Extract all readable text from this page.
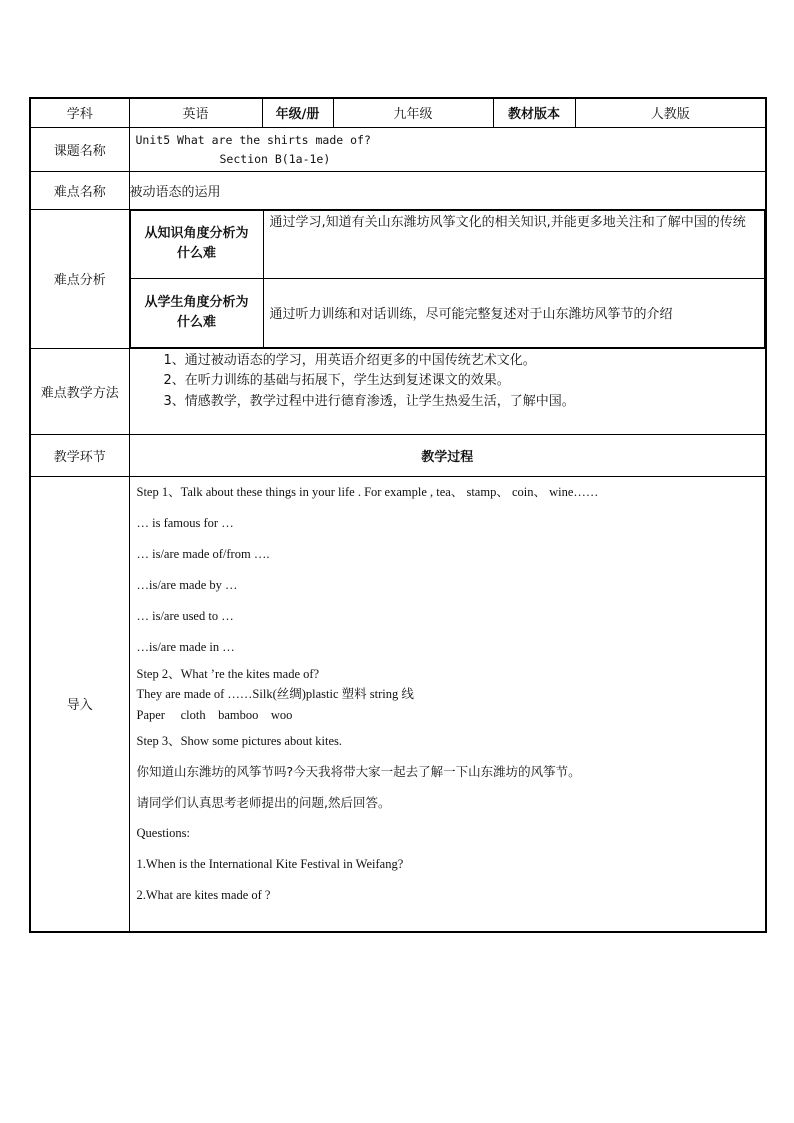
学科	英语	年级/册	九年级	教材版本	人教版
课题名称	
Unit5 What are the shirts made of?
Section B(1a-1e)

难点名称	被动语态的运用
难点分析	
从知识角度分析为什么难	通过学习,知道有关山东潍坊风筝文化的相关知识,并能更多地关注和了解中国的传统
从学生角度分析为什么难	通过听力训练和对话训练，尽可能完整复述对于山东潍坊风筝节的介绍

难点教学方法	
1、通过被动语态的学习，用英语介绍更多的中国传统艺术文化。
2、在听力训练的基础与拓展下，学生达到复述课文的效果。
3、情感教学，教学过程中进行德育渗透，让学生热爱生活，了解中国。

教学环节	教学过程
导入	

Step 1、Talk about these things in your life . For example , tea、 stamp、 coin、 wine……

… is famous for …

… is/are made of/from ….

…is/are made by …

… is/are used to …

…is/are made in …

Step 2、What ’re the kites made of?

They are made of ……Silk(丝绸)plastic 塑料 string 线

Paper     cloth    bamboo    woo

Step 3、Show some pictures about kites.

你知道山东潍坊的风筝节吗?今天我将带大家一起去了解一下山东潍坊的风筝节。

请同学们认真思考老师提出的问题,然后回答。

Questions:

1.When is the International Kite Festival in Weifang?

2.What are kites made of ?
